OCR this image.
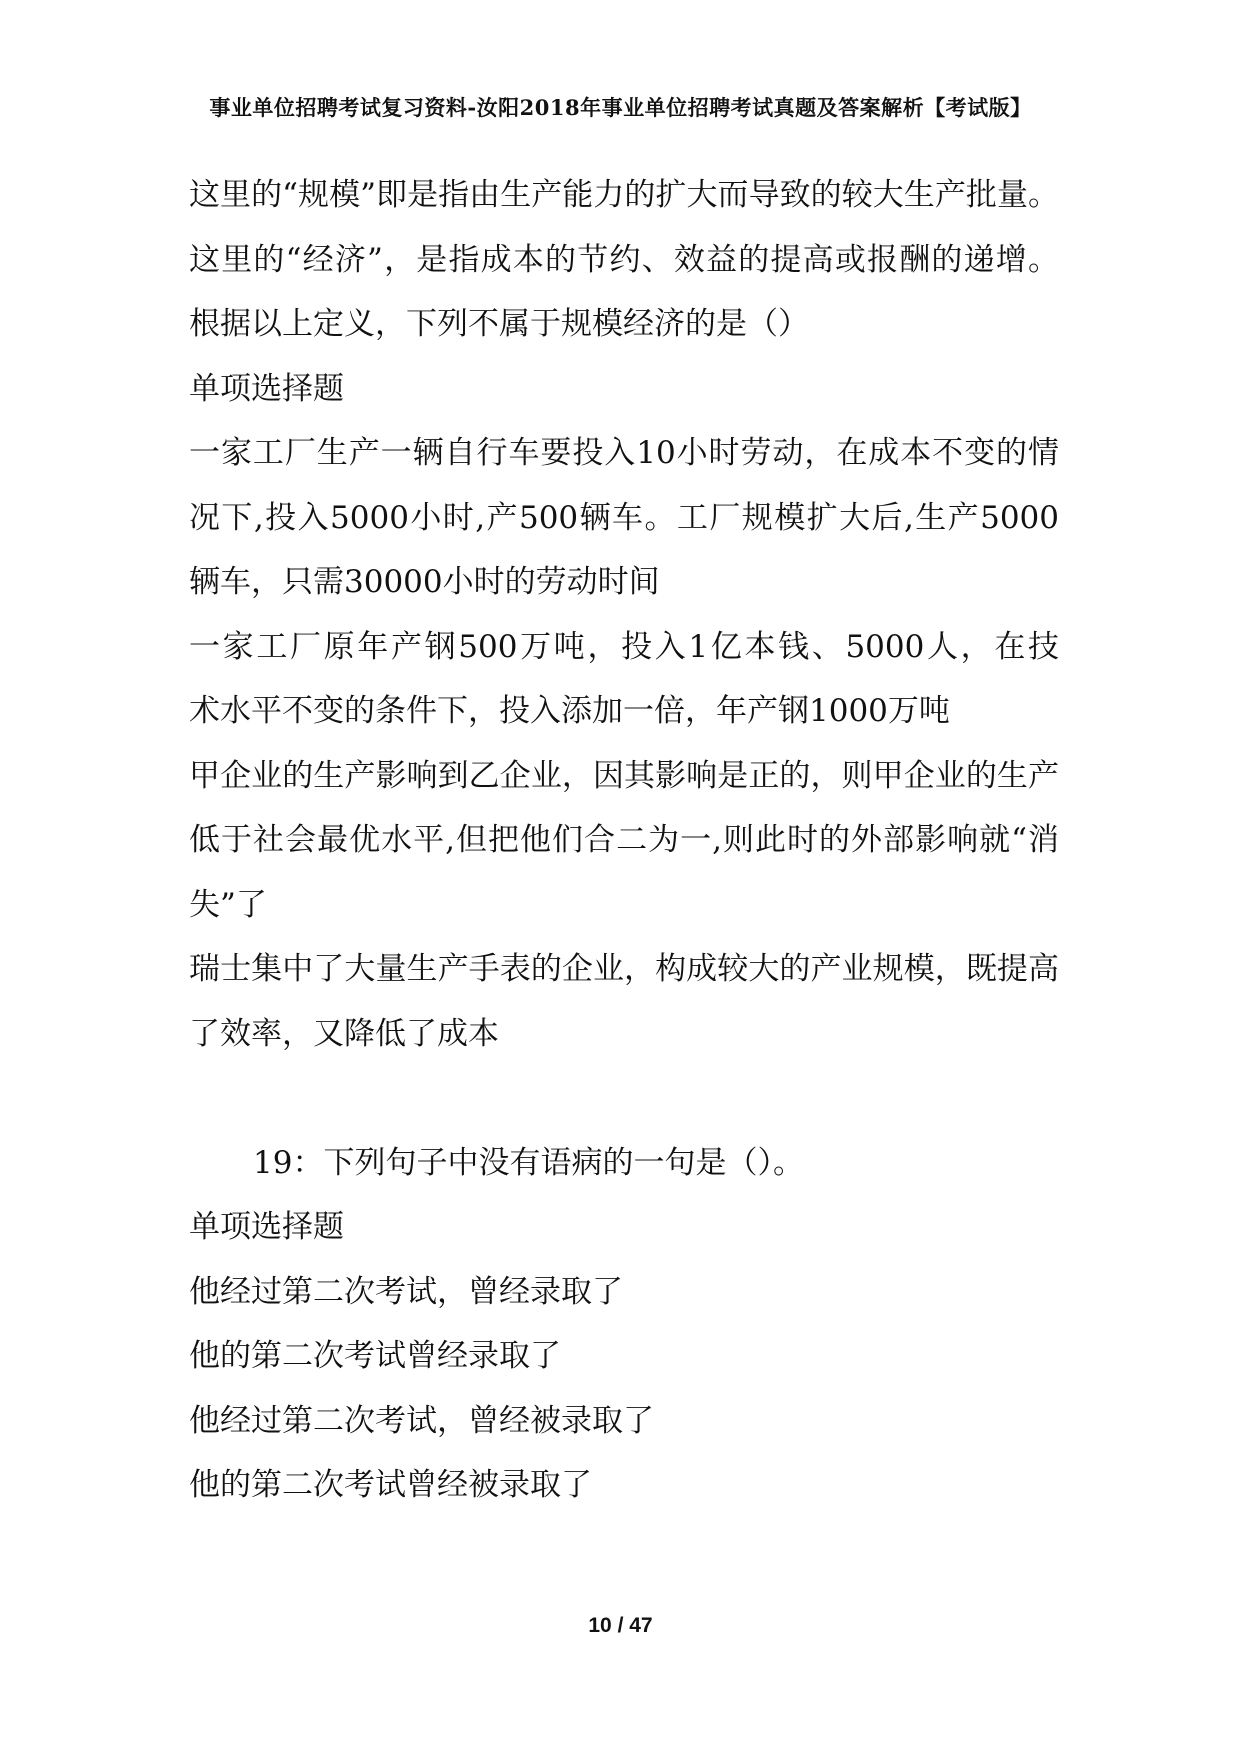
事业单位招聘考试复习资料-汝阳2018年事业单位招聘考试真题及答案解析【考试版】
这里的“规模”即是指由生产能力的扩大而导致的较大生产批量。
这里的“经济”，是指成本的节约、效益的提高或报酬的递增。
根据以上定义，下列不属于规模经济的是（）
单项选择题
一家工厂生产一辆自行车要投入10小时劳动，在成本不变的情
况下,投入5000小时,产500辆车。工厂规模扩大后,生产5000
辆车，只需30000小时的劳动时间
一家工厂原年产钢500万吨，投入1亿本钱、5000人，在技
术水平不变的条件下，投入添加一倍，年产钢1000万吨
甲企业的生产影响到乙企业，因其影响是正的，则甲企业的生产
低于社会最优水平,但把他们合二为一,则此时的外部影响就“消
失”了
瑞士集中了大量生产手表的企业，构成较大的产业规模，既提高
了效率，又降低了成本
19：下列句子中没有语病的一句是（）。
单项选择题
他经过第二次考试，曾经录取了
他的第二次考试曾经录取了
他经过第二次考试，曾经被录取了
他的第二次考试曾经被录取了
10 / 47
